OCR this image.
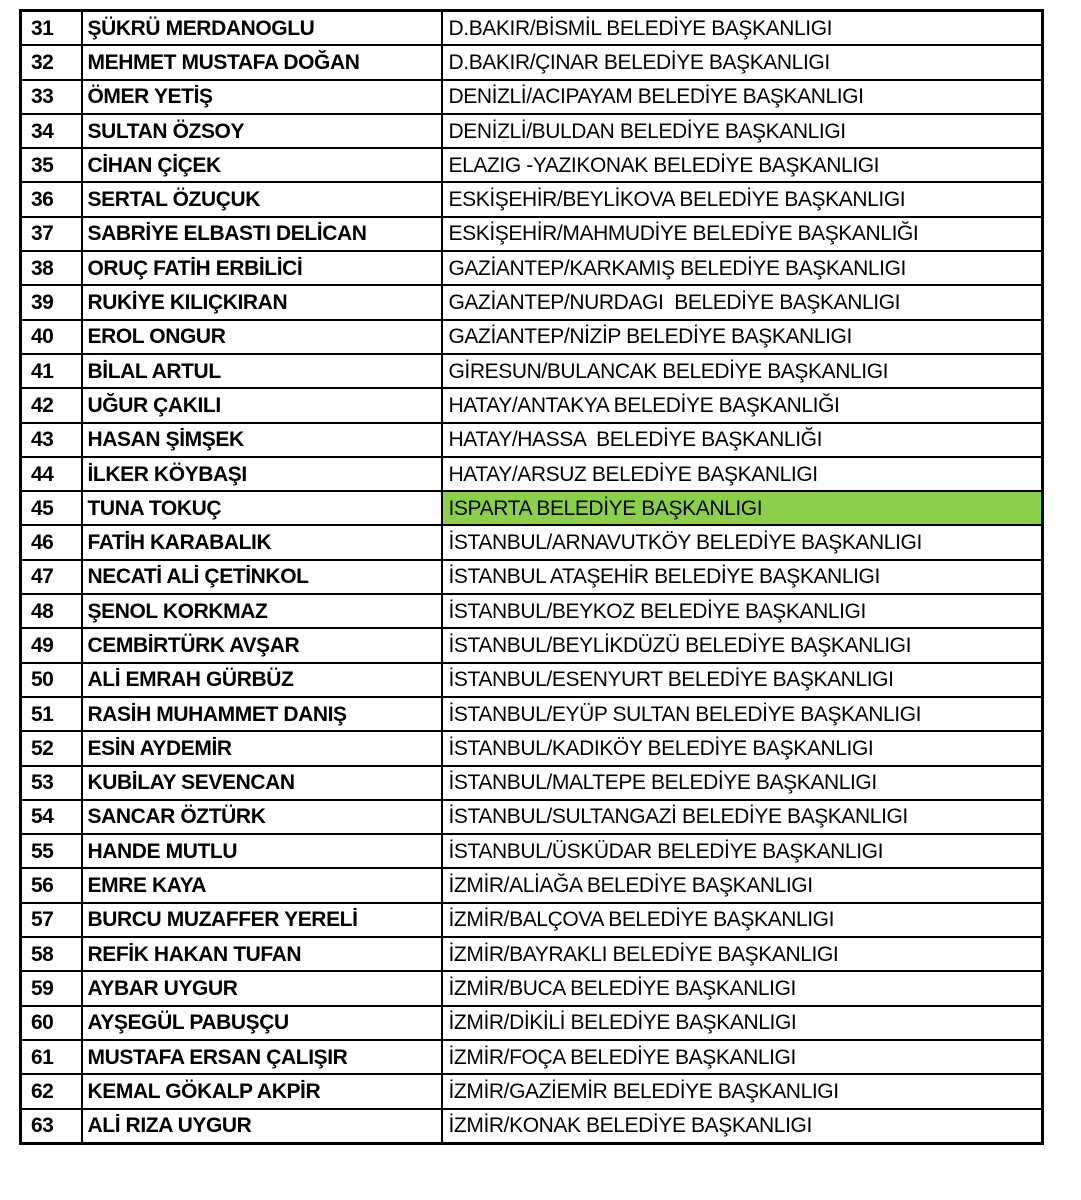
31	ŞÜKRÜ MERDANOGLU	D.BAKIR/BİSMİL BELEDİYE BAŞKANLIGI
32	MEHMET MUSTAFA DOĞAN	D.BAKIR/ÇINAR BELEDİYE BAŞKANLIGI
33	ÖMER YETİŞ	DENİZLİ/ACIPAYAM BELEDİYE BAŞKANLIGI
34	SULTAN ÖZSOY	DENİZLİ/BULDAN BELEDİYE BAŞKANLIGI
35	CİHAN ÇİÇEK	ELAZIG -YAZIKONAK BELEDİYE BAŞKANLIGI
36	SERTAL ÖZUÇUK	ESKİŞEHİR/BEYLİKOVA BELEDİYE BAŞKANLIGI
37	SABRİYE ELBASTI DELİCAN	ESKİŞEHİR/MAHMUDİYE BELEDİYE BAŞKANLIĞI
38	ORUÇ FATİH ERBİLİCİ	GAZİANTEP/KARKAMIŞ BELEDİYE BAŞKANLIGI
39	RUKİYE KILIÇKIRAN	GAZİANTEP/NURDAGI  BELEDİYE BAŞKANLIGI
40	EROL ONGUR	GAZİANTEP/NİZİP BELEDİYE BAŞKANLIGI
41	BİLAL ARTUL	GİRESUN/BULANCAK BELEDİYE BAŞKANLIGI
42	UĞUR ÇAKILI	HATAY/ANTAKYA BELEDİYE BAŞKANLIĞI
43	HASAN ŞİMŞEK	HATAY/HASSA  BELEDİYE BAŞKANLIĞI
44	İLKER KÖYBAŞI	HATAY/ARSUZ BELEDİYE BAŞKANLIGI
45	TUNA TOKUÇ	ISPARTA BELEDİYE BAŞKANLIGI
46	FATİH KARABALIK	İSTANBUL/ARNAVUTKÖY BELEDİYE BAŞKANLIGI
47	NECATİ ALİ ÇETİNKOL	İSTANBUL ATAŞEHİR BELEDİYE BAŞKANLIGI
48	ŞENOL KORKMAZ	İSTANBUL/BEYKOZ BELEDİYE BAŞKANLIGI
49	CEMBİRTÜRK AVŞAR	İSTANBUL/BEYLİKDÜZÜ BELEDİYE BAŞKANLIGI
50	ALİ EMRAH GÜRBÜZ	İSTANBUL/ESENYURT BELEDİYE BAŞKANLIGI
51	RASİH MUHAMMET DANIŞ	İSTANBUL/EYÜP SULTAN BELEDİYE BAŞKANLIGI
52	ESİN AYDEMİR	İSTANBUL/KADIKÖY BELEDİYE BAŞKANLIGI
53	KUBİLAY SEVENCAN	İSTANBUL/MALTEPE BELEDİYE BAŞKANLIGI
54	SANCAR ÖZTÜRK	İSTANBUL/SULTANGAZİ BELEDİYE BAŞKANLIGI
55	HANDE MUTLU	İSTANBUL/ÜSKÜDAR BELEDİYE BAŞKANLIGI
56	EMRE KAYA	İZMİR/ALİAĞA BELEDİYE BAŞKANLIGI
57	BURCU MUZAFFER YERELİ	İZMİR/BALÇOVA BELEDİYE BAŞKANLIGI
58	REFİK HAKAN TUFAN	İZMİR/BAYRAKLI BELEDİYE BAŞKANLIGI
59	AYBAR UYGUR	İZMİR/BUCA BELEDİYE BAŞKANLIGI
60	AYŞEGÜL PABUŞÇU	İZMİR/DİKİLİ BELEDİYE BAŞKANLIGI
61	MUSTAFA ERSAN ÇALIŞIR	İZMİR/FOÇA BELEDİYE BAŞKANLIGI
62	KEMAL GÖKALP AKPİR	İZMİR/GAZİEMİR BELEDİYE BAŞKANLIGI
63	ALİ RIZA UYGUR	İZMİR/KONAK BELEDİYE BAŞKANLIGI
